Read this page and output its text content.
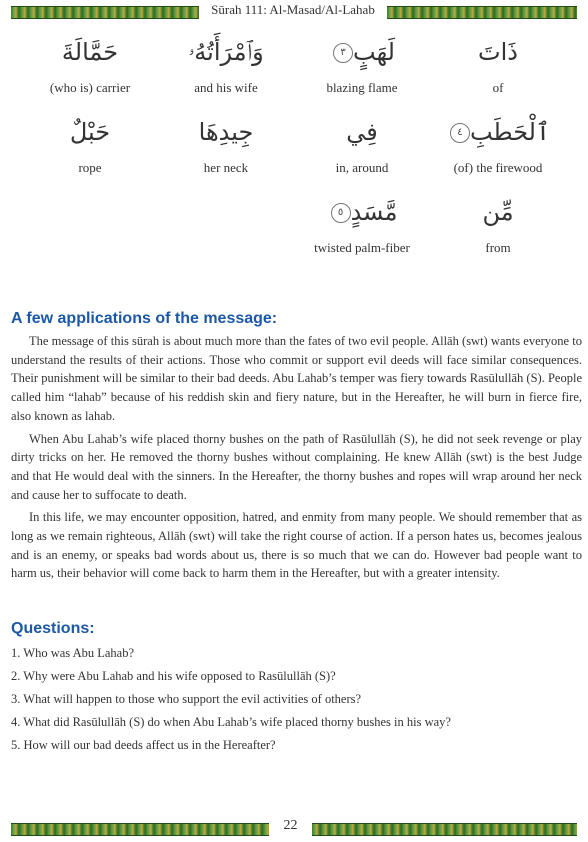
Sūrah 111: Al-Masad/Al-Lahab
حَمَّالَةَ
(who is) carrier
وَٱمْرَأَتُهُۥ
and his wife
لَهَبٍ٣
blazing flame
ذَاتَ
of
حَبْلٌ
rope
جِيدِهَا
her neck
فِي
in, around
ٱلْحَطَبِ٤
(of) the firewood
مَّسَدٍ٥
twisted palm-fiber
مِّن
from
A few applications of the message:

The message of this sūrah is about much more than the fates of two evil people. Allāh (swt) wants everyone to understand the results of their actions. Those who commit or support evil deeds will face similar consequences. Their punishment will be similar to their bad deeds. Abu Lahab’s temper was fiery towards Rasūlullāh (S). People called him “lahab” because of his reddish skin and fiery nature, but in the Hereafter, he will burn in fierce fire, also known as lahab.

When Abu Lahab’s wife placed thorny bushes on the path of Rasūlullāh (S), he did not seek revenge or play dirty tricks on her. He removed the thorny bushes without complaining. He knew Allāh (swt) is the best Judge and that He would deal with the sinners. In the Hereafter, the thorny bushes and ropes will wrap around her neck and cause her to suffocate to death.

In this life, we may encounter opposition, hatred, and enmity from many people. We should remember that as long as we remain righteous, Allāh (swt) will take the right course of action. If a person hates us, becomes jealous and is an enemy, or speaks bad words about us, there is so much that we can do. However bad people want to harm us, their behavior will come back to harm them in the Hereafter, but with a greater intensity.

Questions:
1. Who was Abu Lahab?
2. Why were Abu Lahab and his wife opposed to Rasūlullāh (S)?
3. What will happen to those who support the evil activities of others?
4. What did Rasūlullāh (S) do when Abu Lahab’s wife placed thorny bushes in his way?
5. How will our bad deeds affect us in the Hereafter?
22
